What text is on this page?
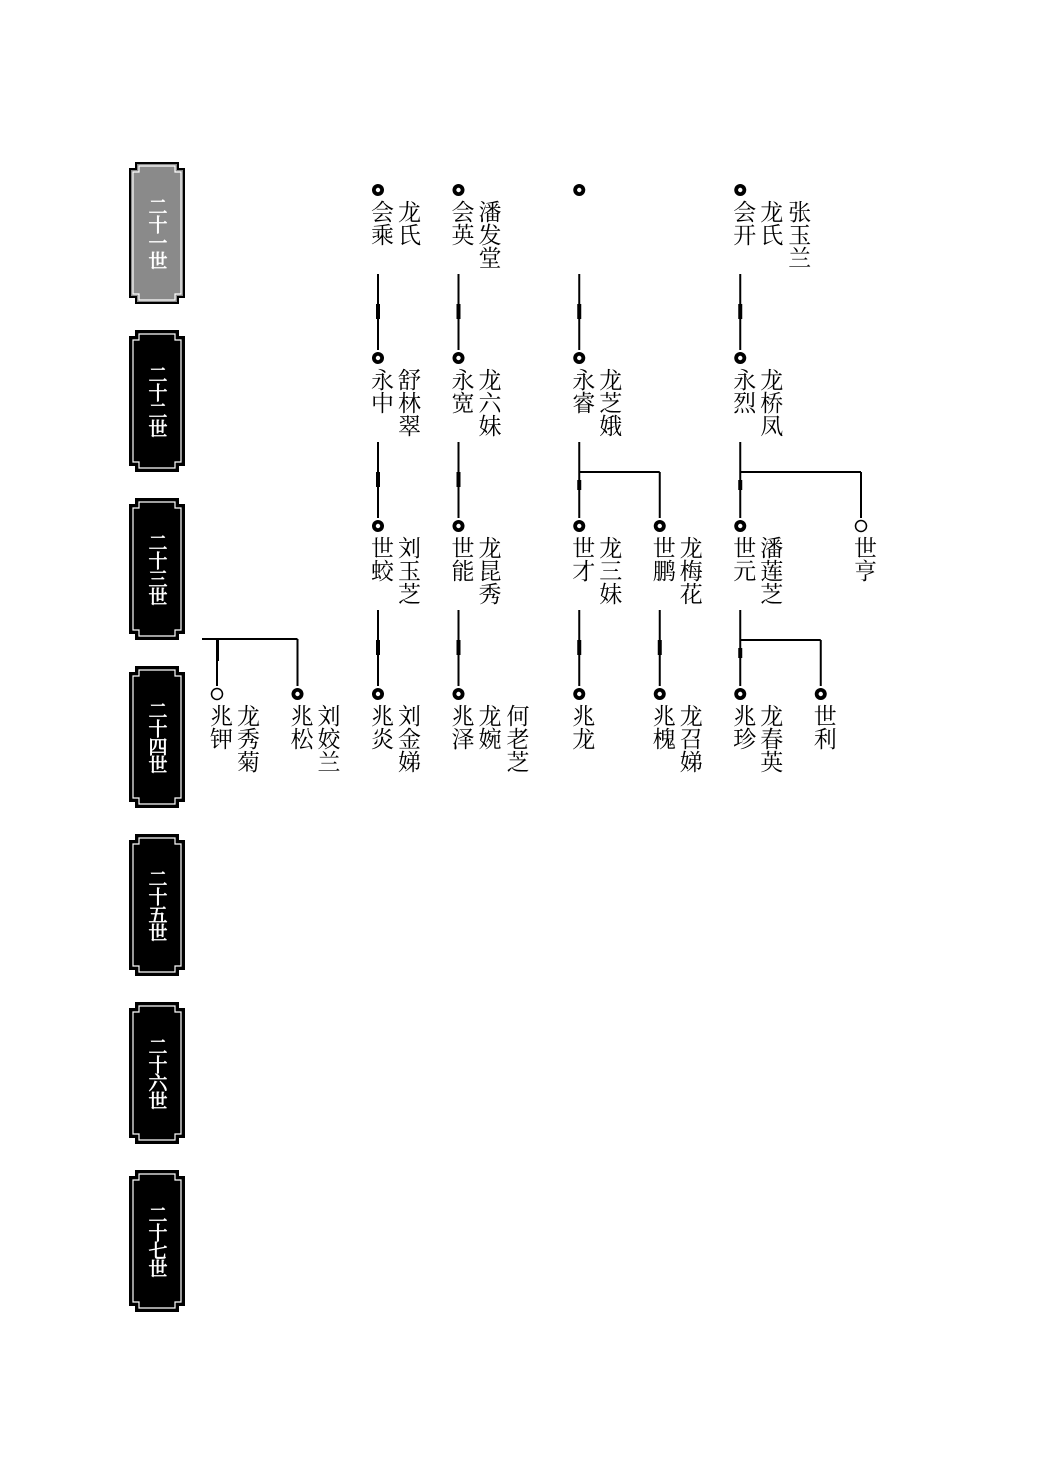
二十一世
二十二世
二十三世
二十四世
二十五世
二十六世
二十七世
会乘 龙氏 会英 潘发堂	会开 龙氏 张玉兰
永中 舒林翠 永宽 龙六妹	永睿 龙芝娥	永烈 龙桥凤
世蛟 刘玉芝 世能 龙昆秀	世才 龙三妹 世鹏 龙梅花 世元 潘莲芝	世亨
兆钾 龙秀菊 兆松 刘姣兰 兆炎 刘金娣 兆泽 龙婉 何老芝 兆龙 兆槐 龙召娣 兆珍 龙春英 世利
